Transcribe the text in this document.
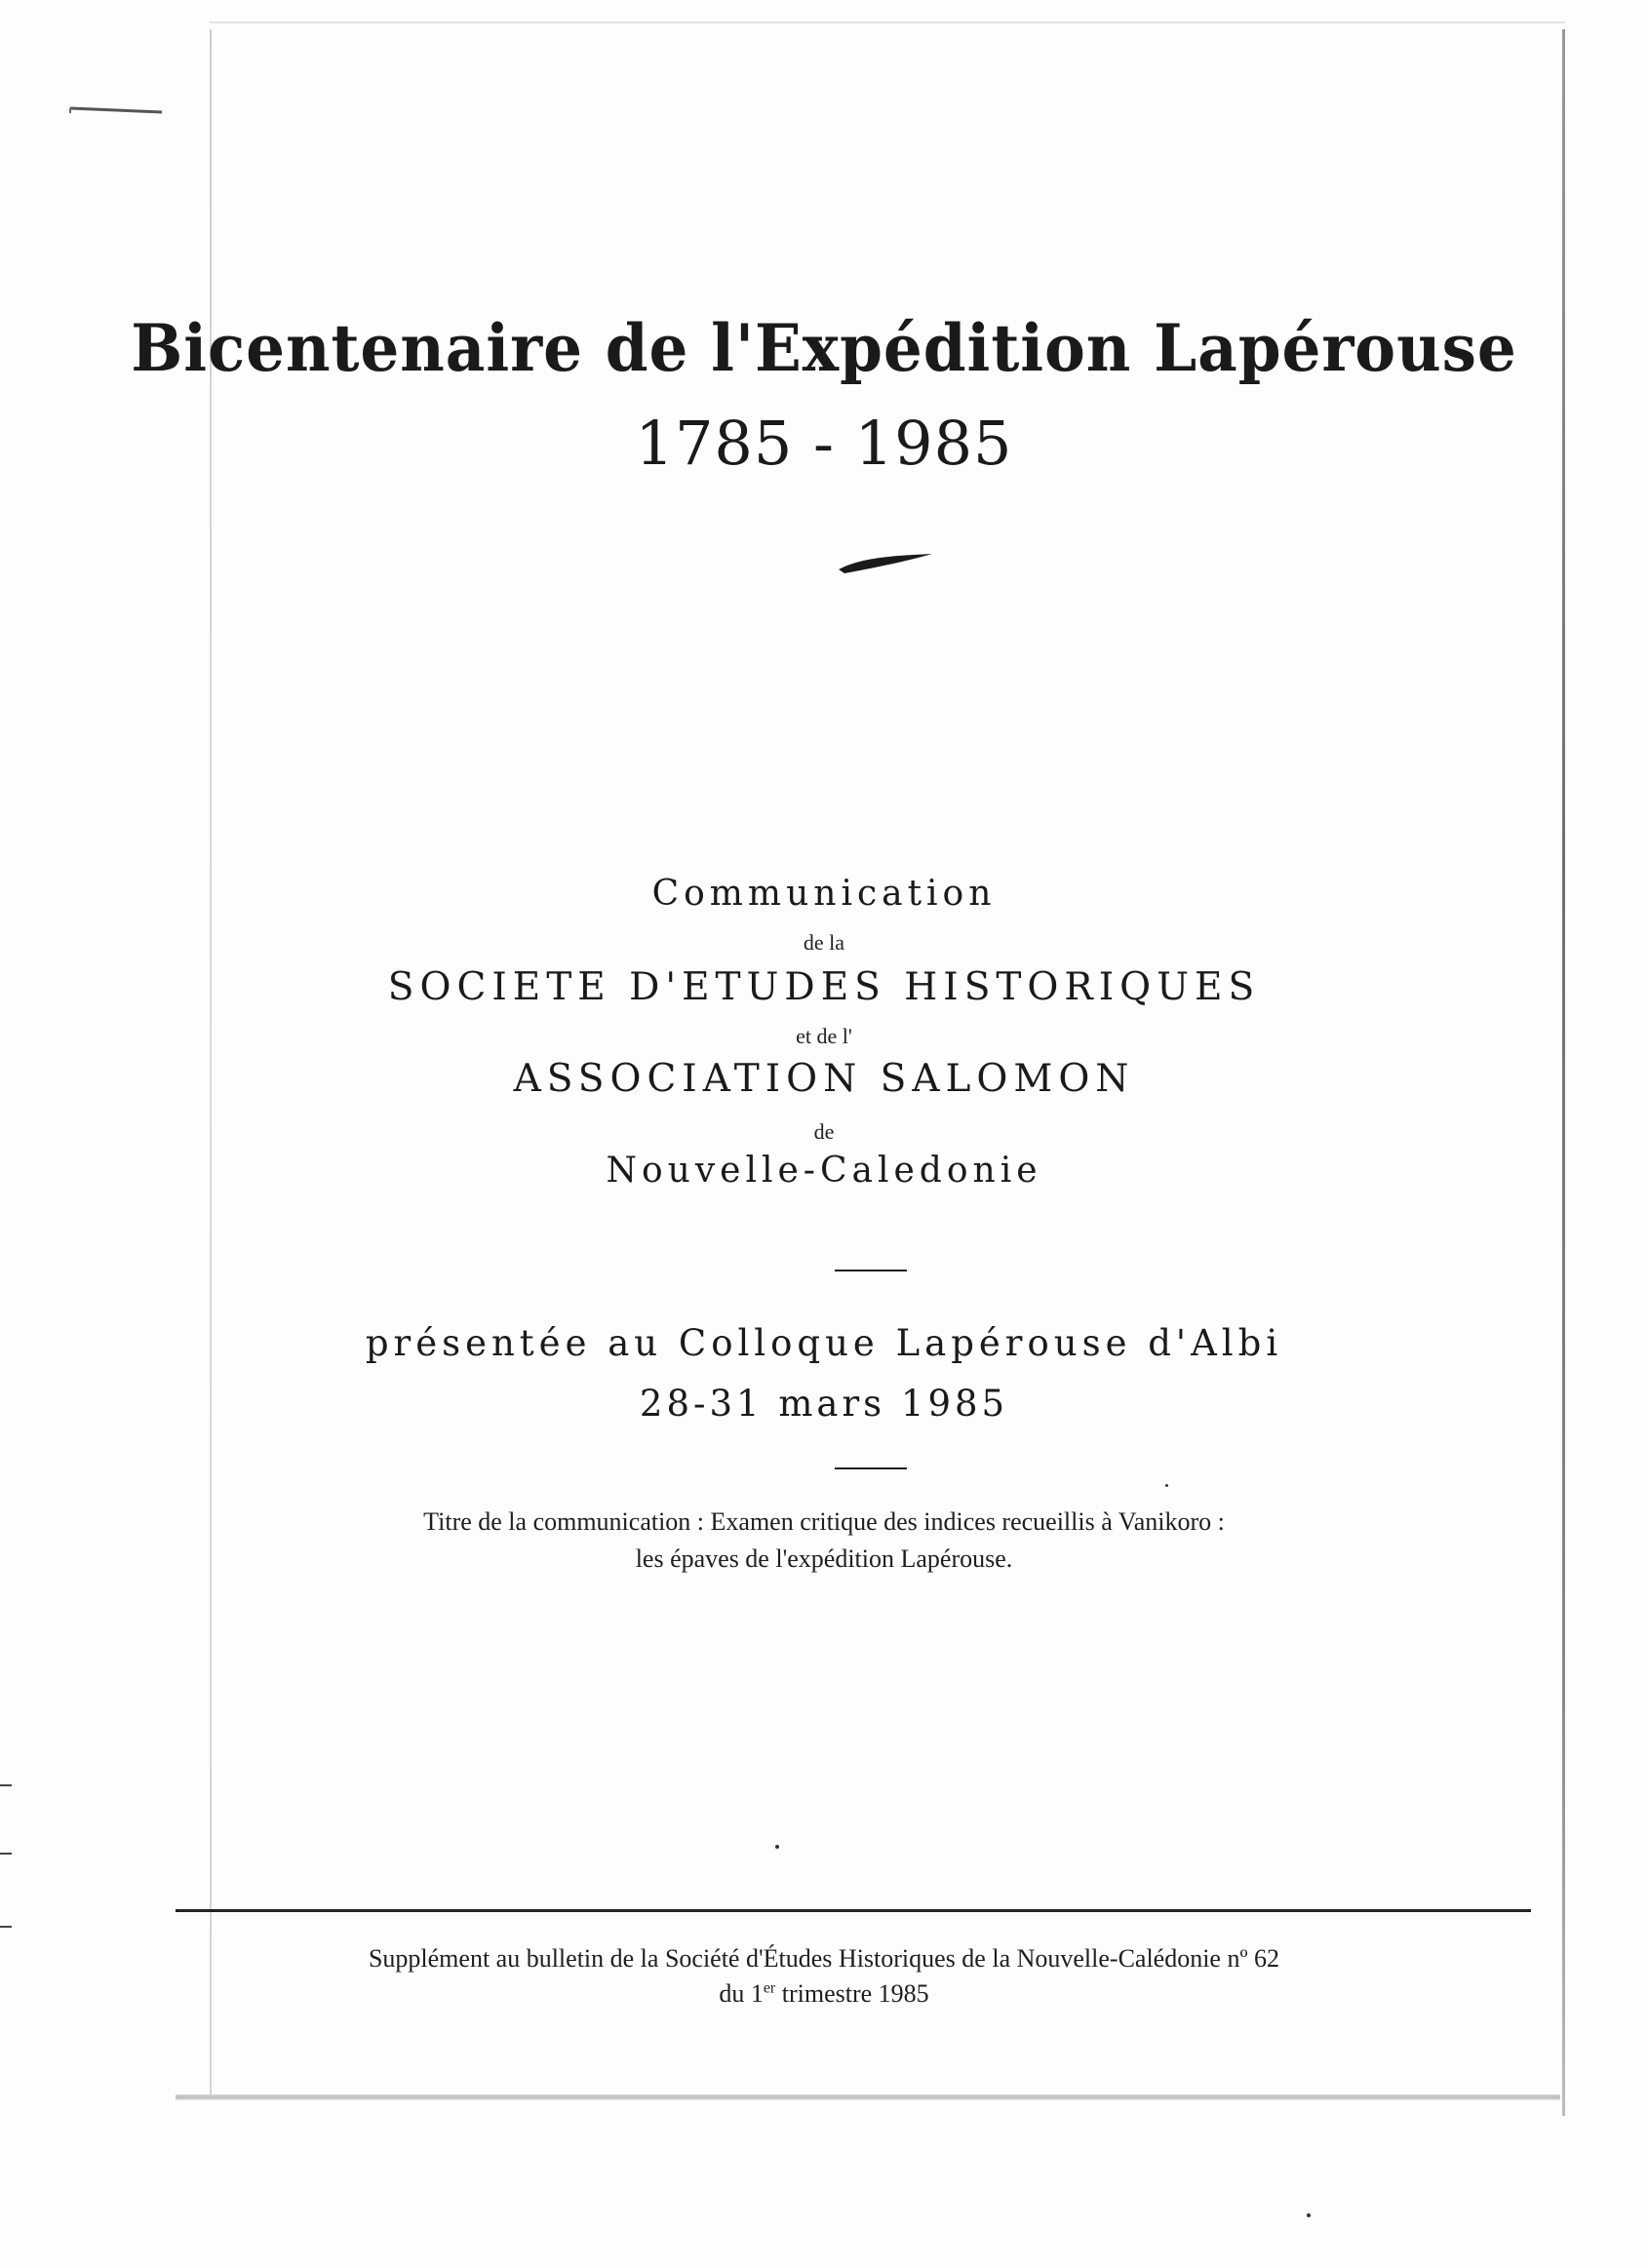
Bicentenaire de l'Expédition Lapérouse
1785 - 1985
Communication
de la
SOCIETE D'ETUDES HISTORIQUES
et de l'
ASSOCIATION SALOMON
de
Nouvelle-Caledonie
présentée au Colloque Lapérouse d'Albi
28-31 mars 1985
Titre de la communication : Examen critique des indices recueillis à Vanikoro :
les épaves de l'expédition Lapérouse.
Supplément au bulletin de la Société d'Études Historiques de la Nouvelle-Calédonie nº 62
du 1er trimestre 1985
